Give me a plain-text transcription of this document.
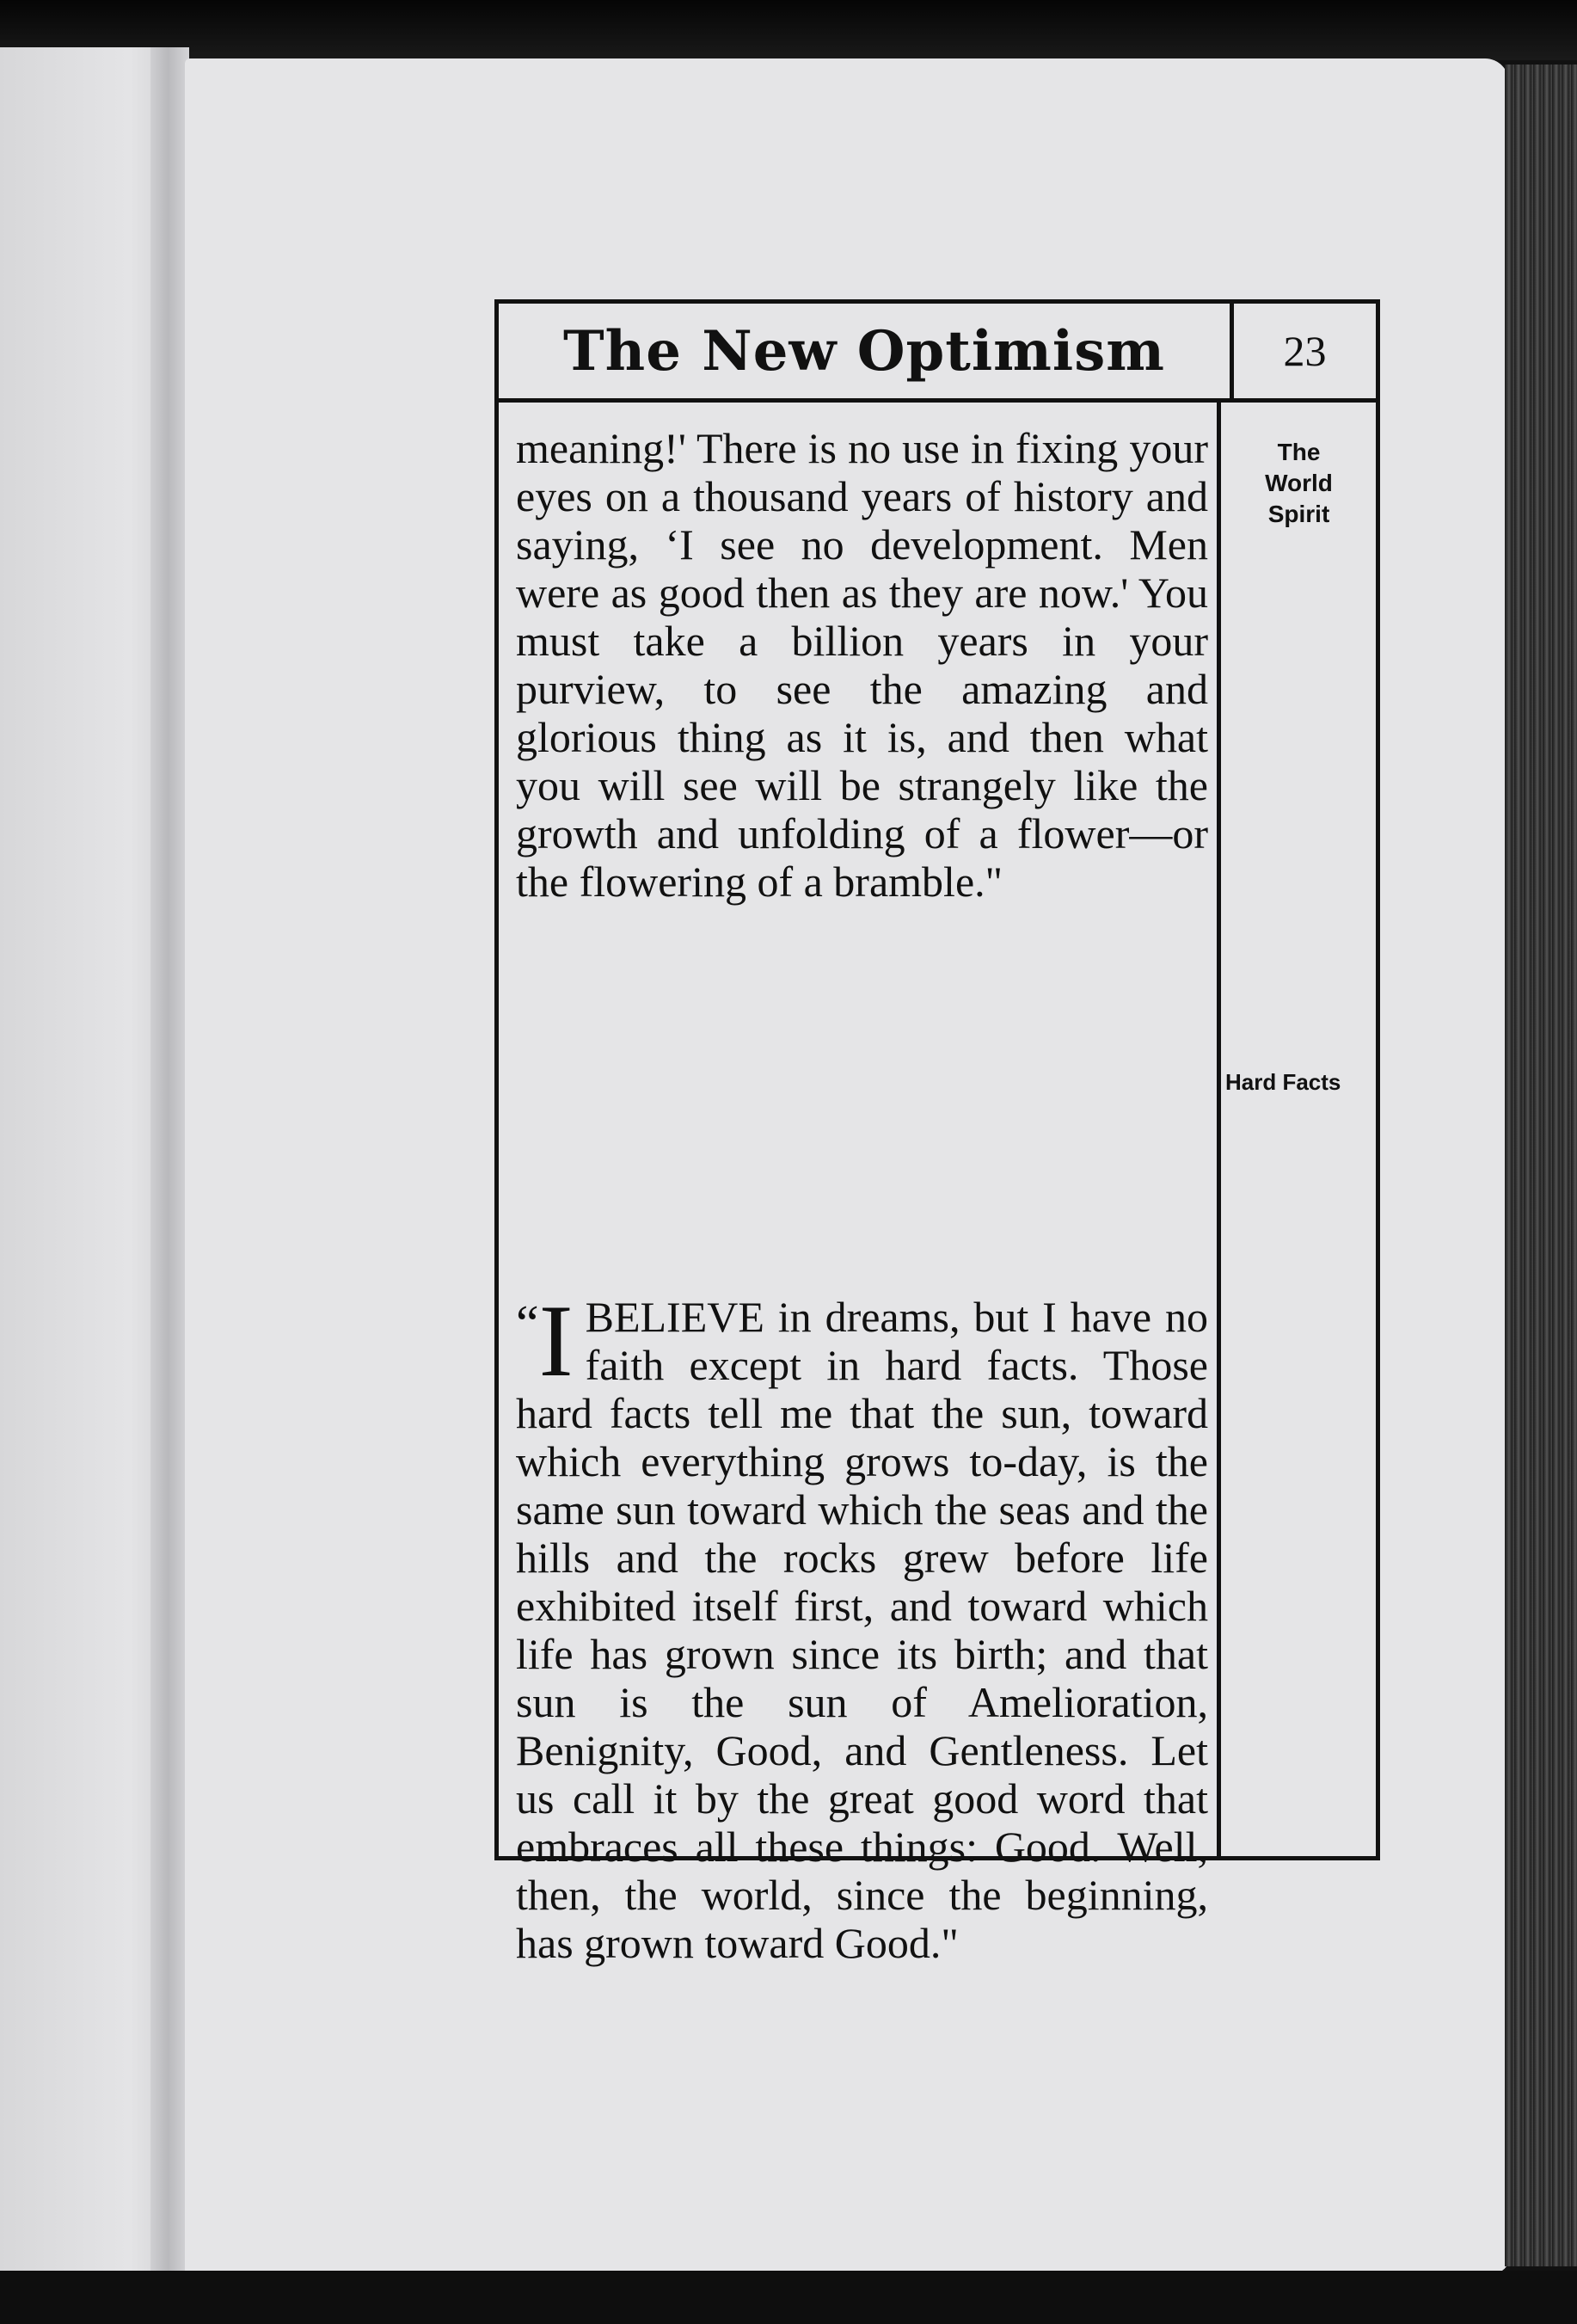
The New Optimism	23
meaning!' There is no use in fixing your eyes on a thousand years of history and saying, ‘I see no development. Men were as good then as they are now.' You must take a billion years in your purview, to see the amazing and glorious thing as it is, and then what you will see will be strangely like the growth and unfolding of a flower—or the flowering of a bramble."
“I BELIEVE in dreams, but I have no faith except in hard facts. Those hard facts tell me that the sun, toward which everything grows to-day, is the same sun toward which the seas and the hills and the rocks grew before life exhibited itself first, and toward which life has grown since its birth; and that sun is the sun of Amelioration, Benignity, Good, and Gentleness. Let us call it by the great good word that embraces all these things: Good. Well, then, the world, since the beginning, has grown toward Good."
The
World
Spirit
Hard Facts
